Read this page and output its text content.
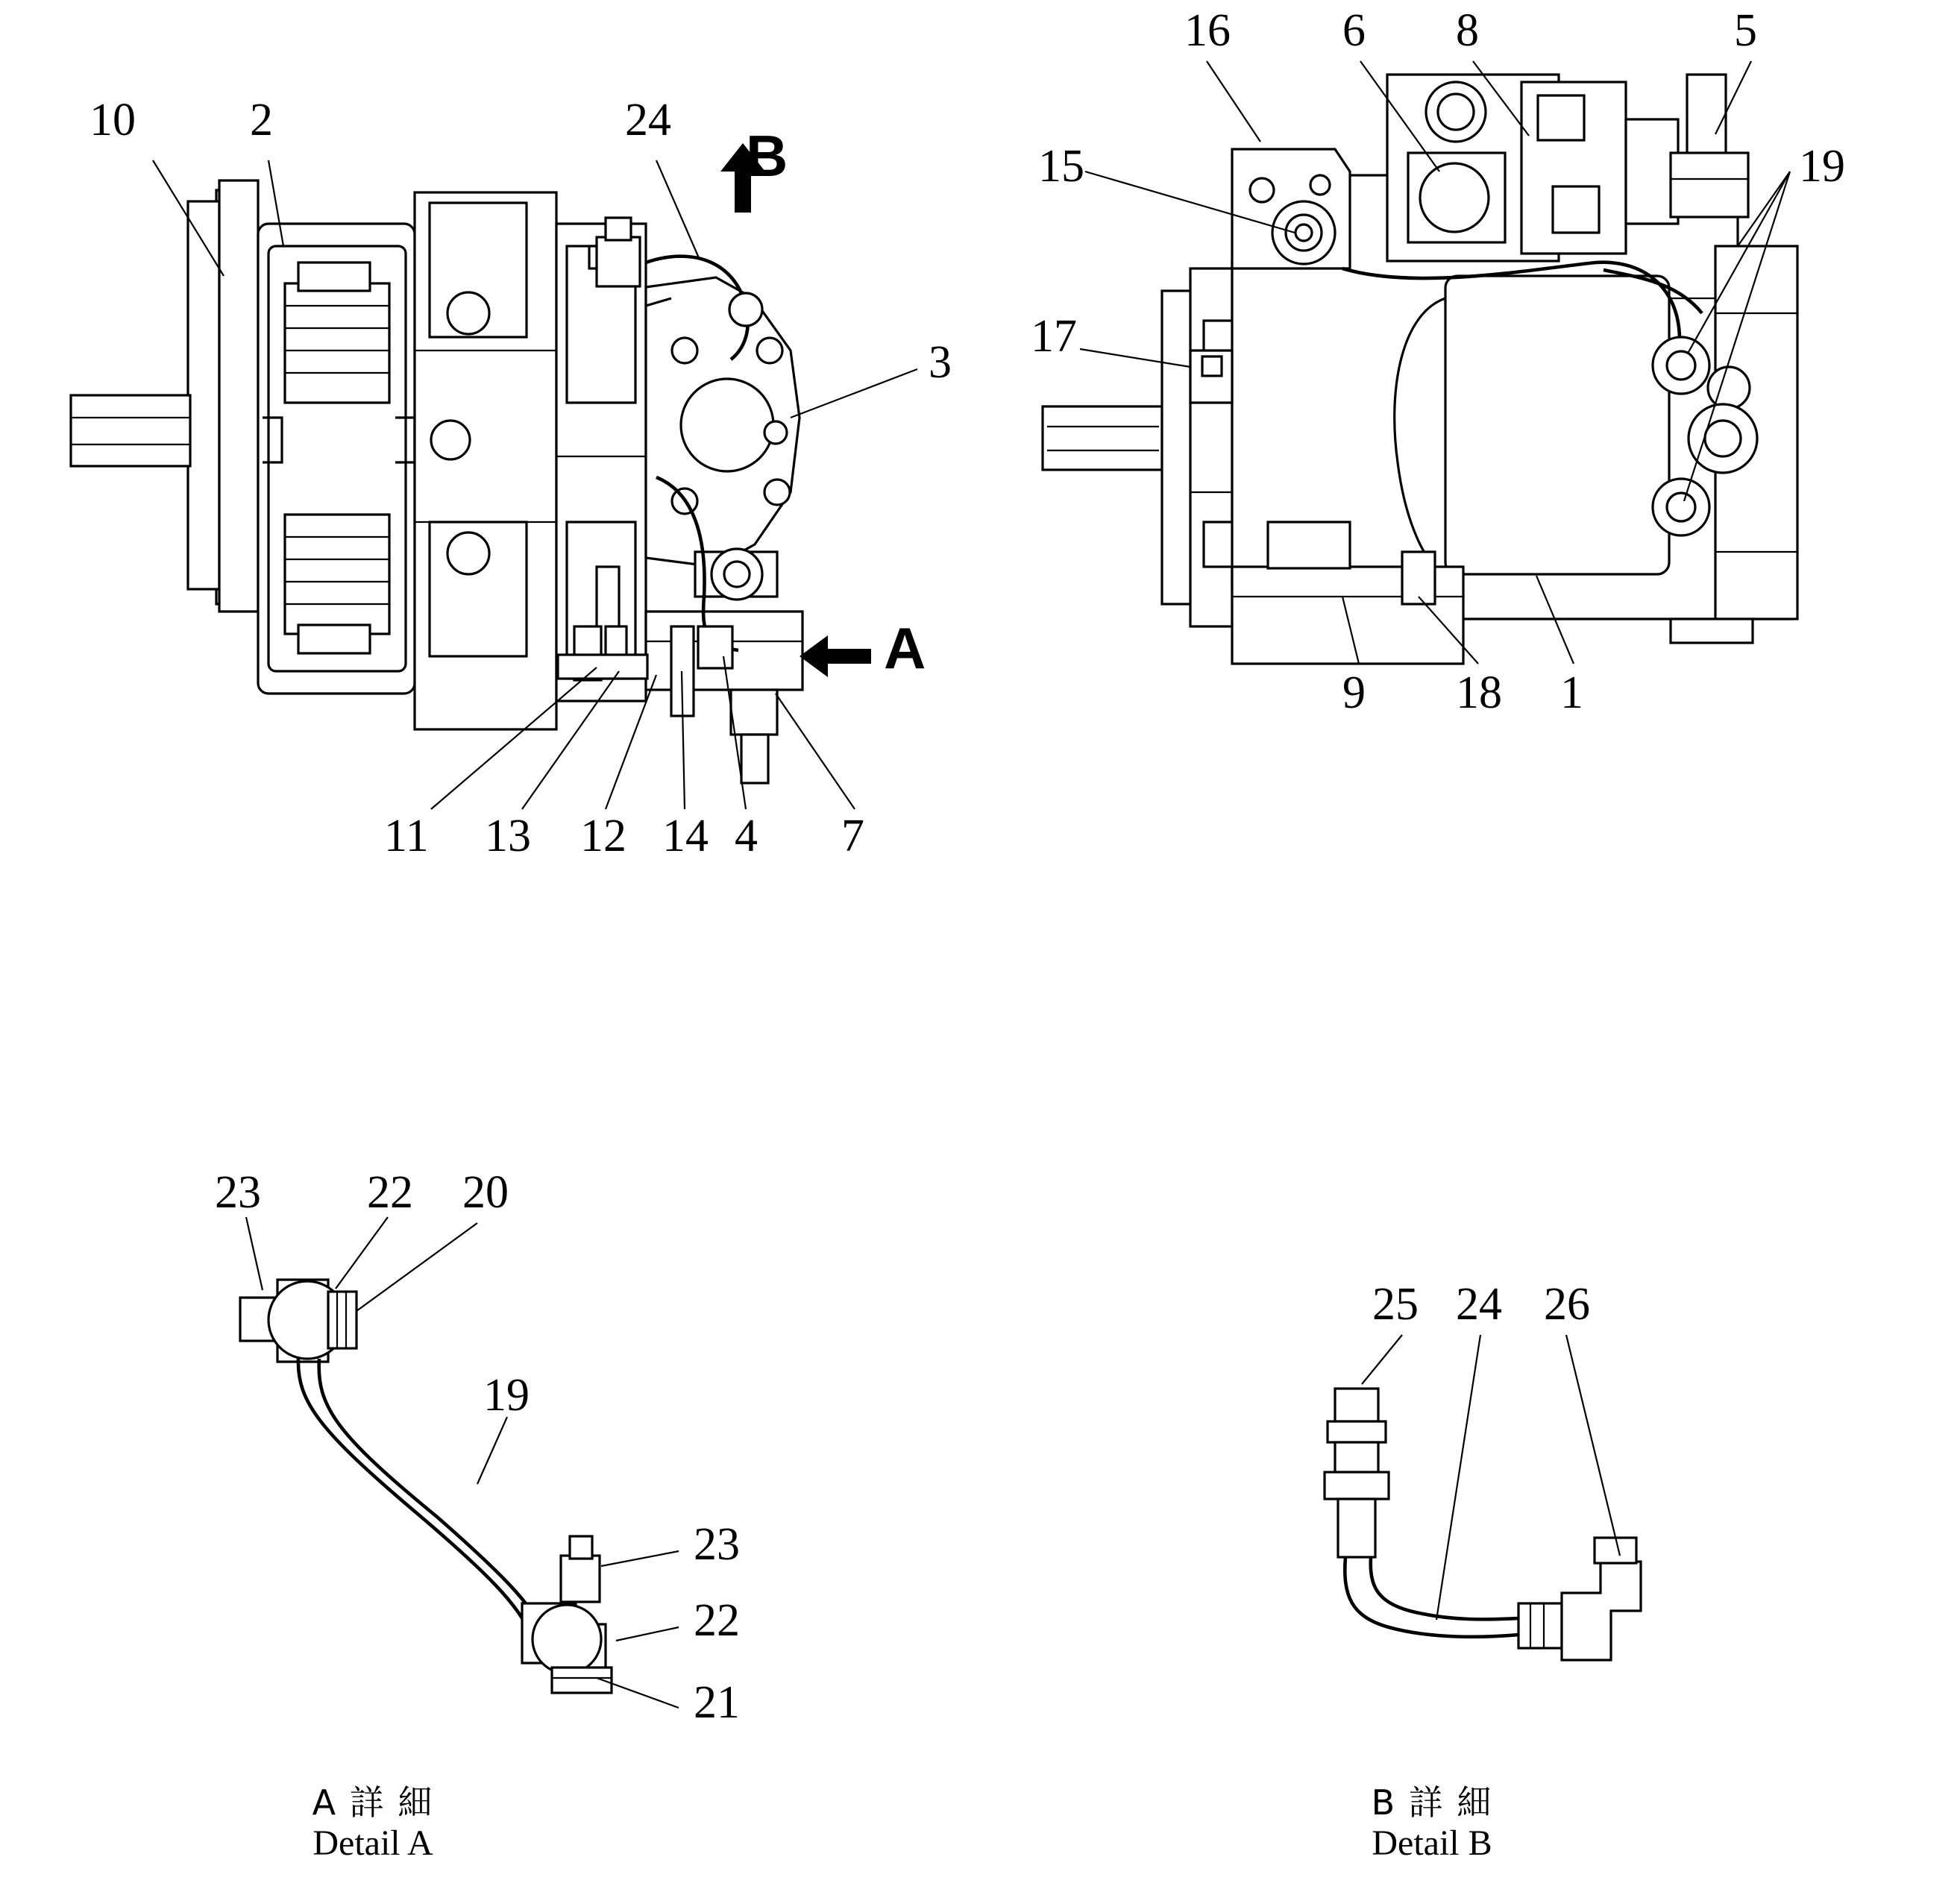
10 2	24
B
3
A
11 13 12 14 4 7
16 6 8	5
15	19
17
9 18 1
23 22 20
19
23
22
21
25 24 26
A 詳 細
Detail A
B 詳 細
Detail B
